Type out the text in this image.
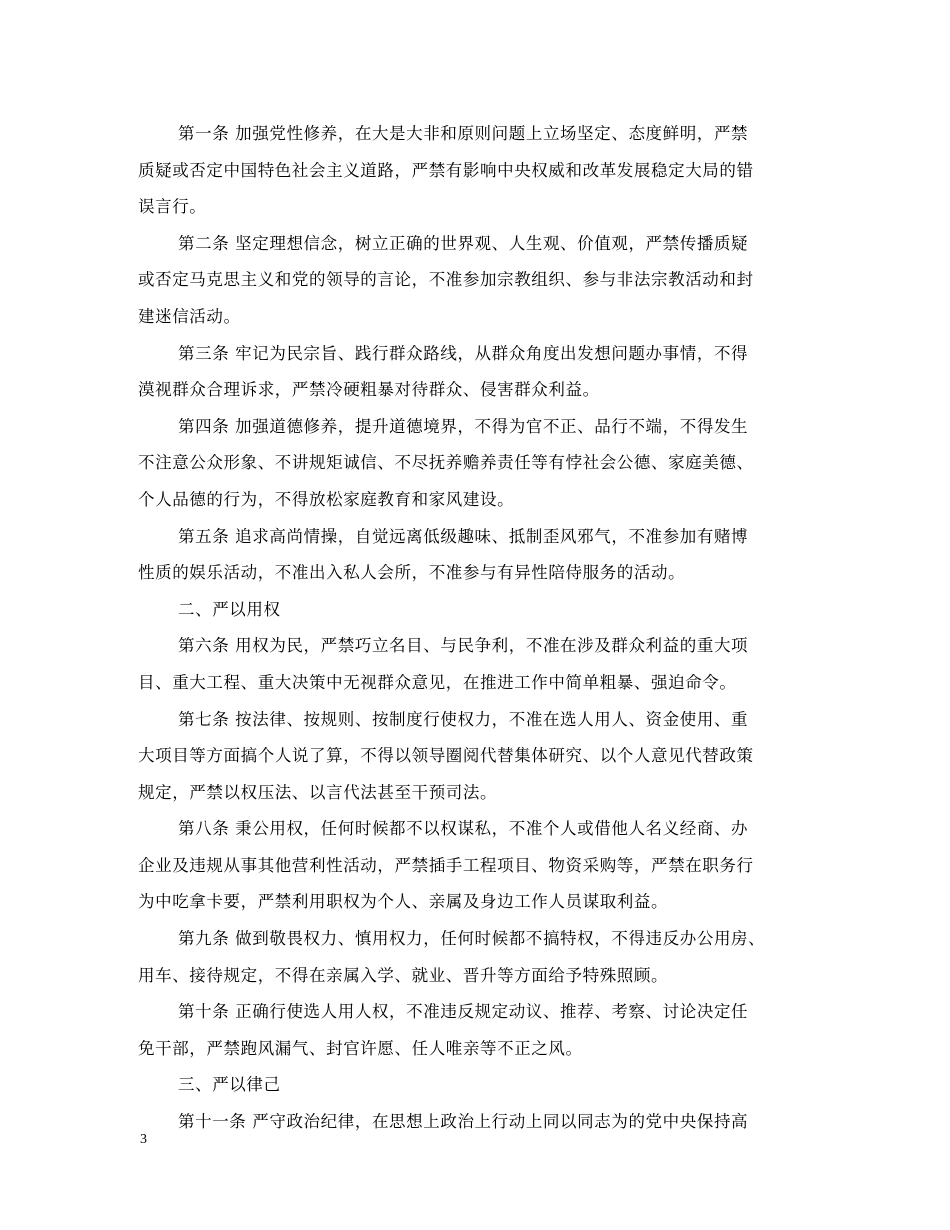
第一条 加强党性修养，在大是大非和原则问题上立场坚定、态度鲜明，严禁
质疑或否定中国特色社会主义道路，严禁有影响中央权威和改革发展稳定大局的错
误言行。
第二条 坚定理想信念，树立正确的世界观、人生观、价值观，严禁传播质疑
或否定马克思主义和党的领导的言论，不准参加宗教组织、参与非法宗教活动和封
建迷信活动。
第三条 牢记为民宗旨、践行群众路线，从群众角度出发想问题办事情，不得
漠视群众合理诉求，严禁冷硬粗暴对待群众、侵害群众利益。
第四条 加强道德修养，提升道德境界，不得为官不正、品行不端，不得发生
不注意公众形象、不讲规矩诚信、不尽抚养赡养责任等有悖社会公德、家庭美德、
个人品德的行为，不得放松家庭教育和家风建设。
第五条 追求高尚情操，自觉远离低级趣味、抵制歪风邪气，不准参加有赌博
性质的娱乐活动，不准出入私人会所，不准参与有异性陪侍服务的活动。
二、严以用权
第六条 用权为民，严禁巧立名目、与民争利，不准在涉及群众利益的重大项
目、重大工程、重大决策中无视群众意见，在推进工作中简单粗暴、强迫命令。
第七条 按法律、按规则、按制度行使权力，不准在选人用人、资金使用、重
大项目等方面搞个人说了算，不得以领导圈阅代替集体研究、以个人意见代替政策
规定，严禁以权压法、以言代法甚至干预司法。
第八条 秉公用权，任何时候都不以权谋私，不准个人或借他人名义经商、办
企业及违规从事其他营利性活动，严禁插手工程项目、物资采购等，严禁在职务行
为中吃拿卡要，严禁利用职权为个人、亲属及身边工作人员谋取利益。
第九条 做到敬畏权力、慎用权力，任何时候都不搞特权，不得违反办公用房、
用车、接待规定，不得在亲属入学、就业、晋升等方面给予特殊照顾。
第十条 正确行使选人用人权，不准违反规定动议、推荐、考察、讨论决定任
免干部，严禁跑风漏气、封官许愿、任人唯亲等不正之风。
三、严以律己
第十一条 严守政治纪律，在思想上政治上行动上同以同志为的党中央保持高
3
